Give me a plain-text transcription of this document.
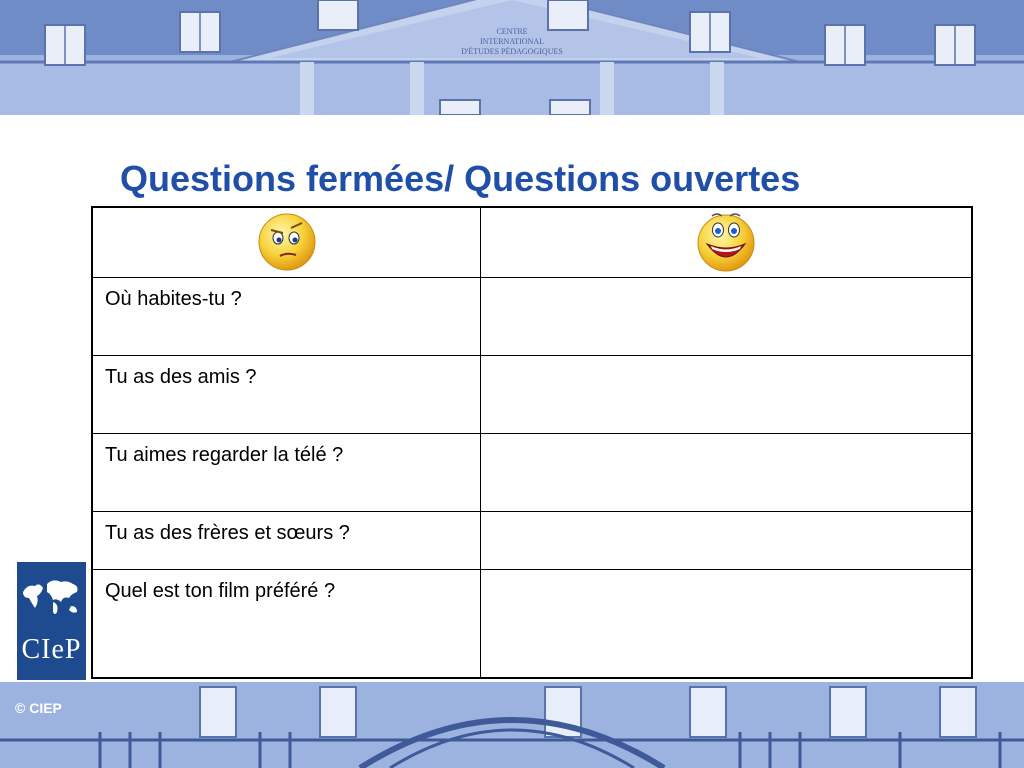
CENTRE
INTERNATIONAL
D'ÉTUDES PÉDAGOGIQUES
Questions fermées/ Questions ouvertes

Où habites-tu ?	

Tu as des amis ?	

Tu aimes regarder la télé ?	

Tu as des frères et sœurs ?	

Quel est ton film préféré ?	

CIeP
© CIEP
